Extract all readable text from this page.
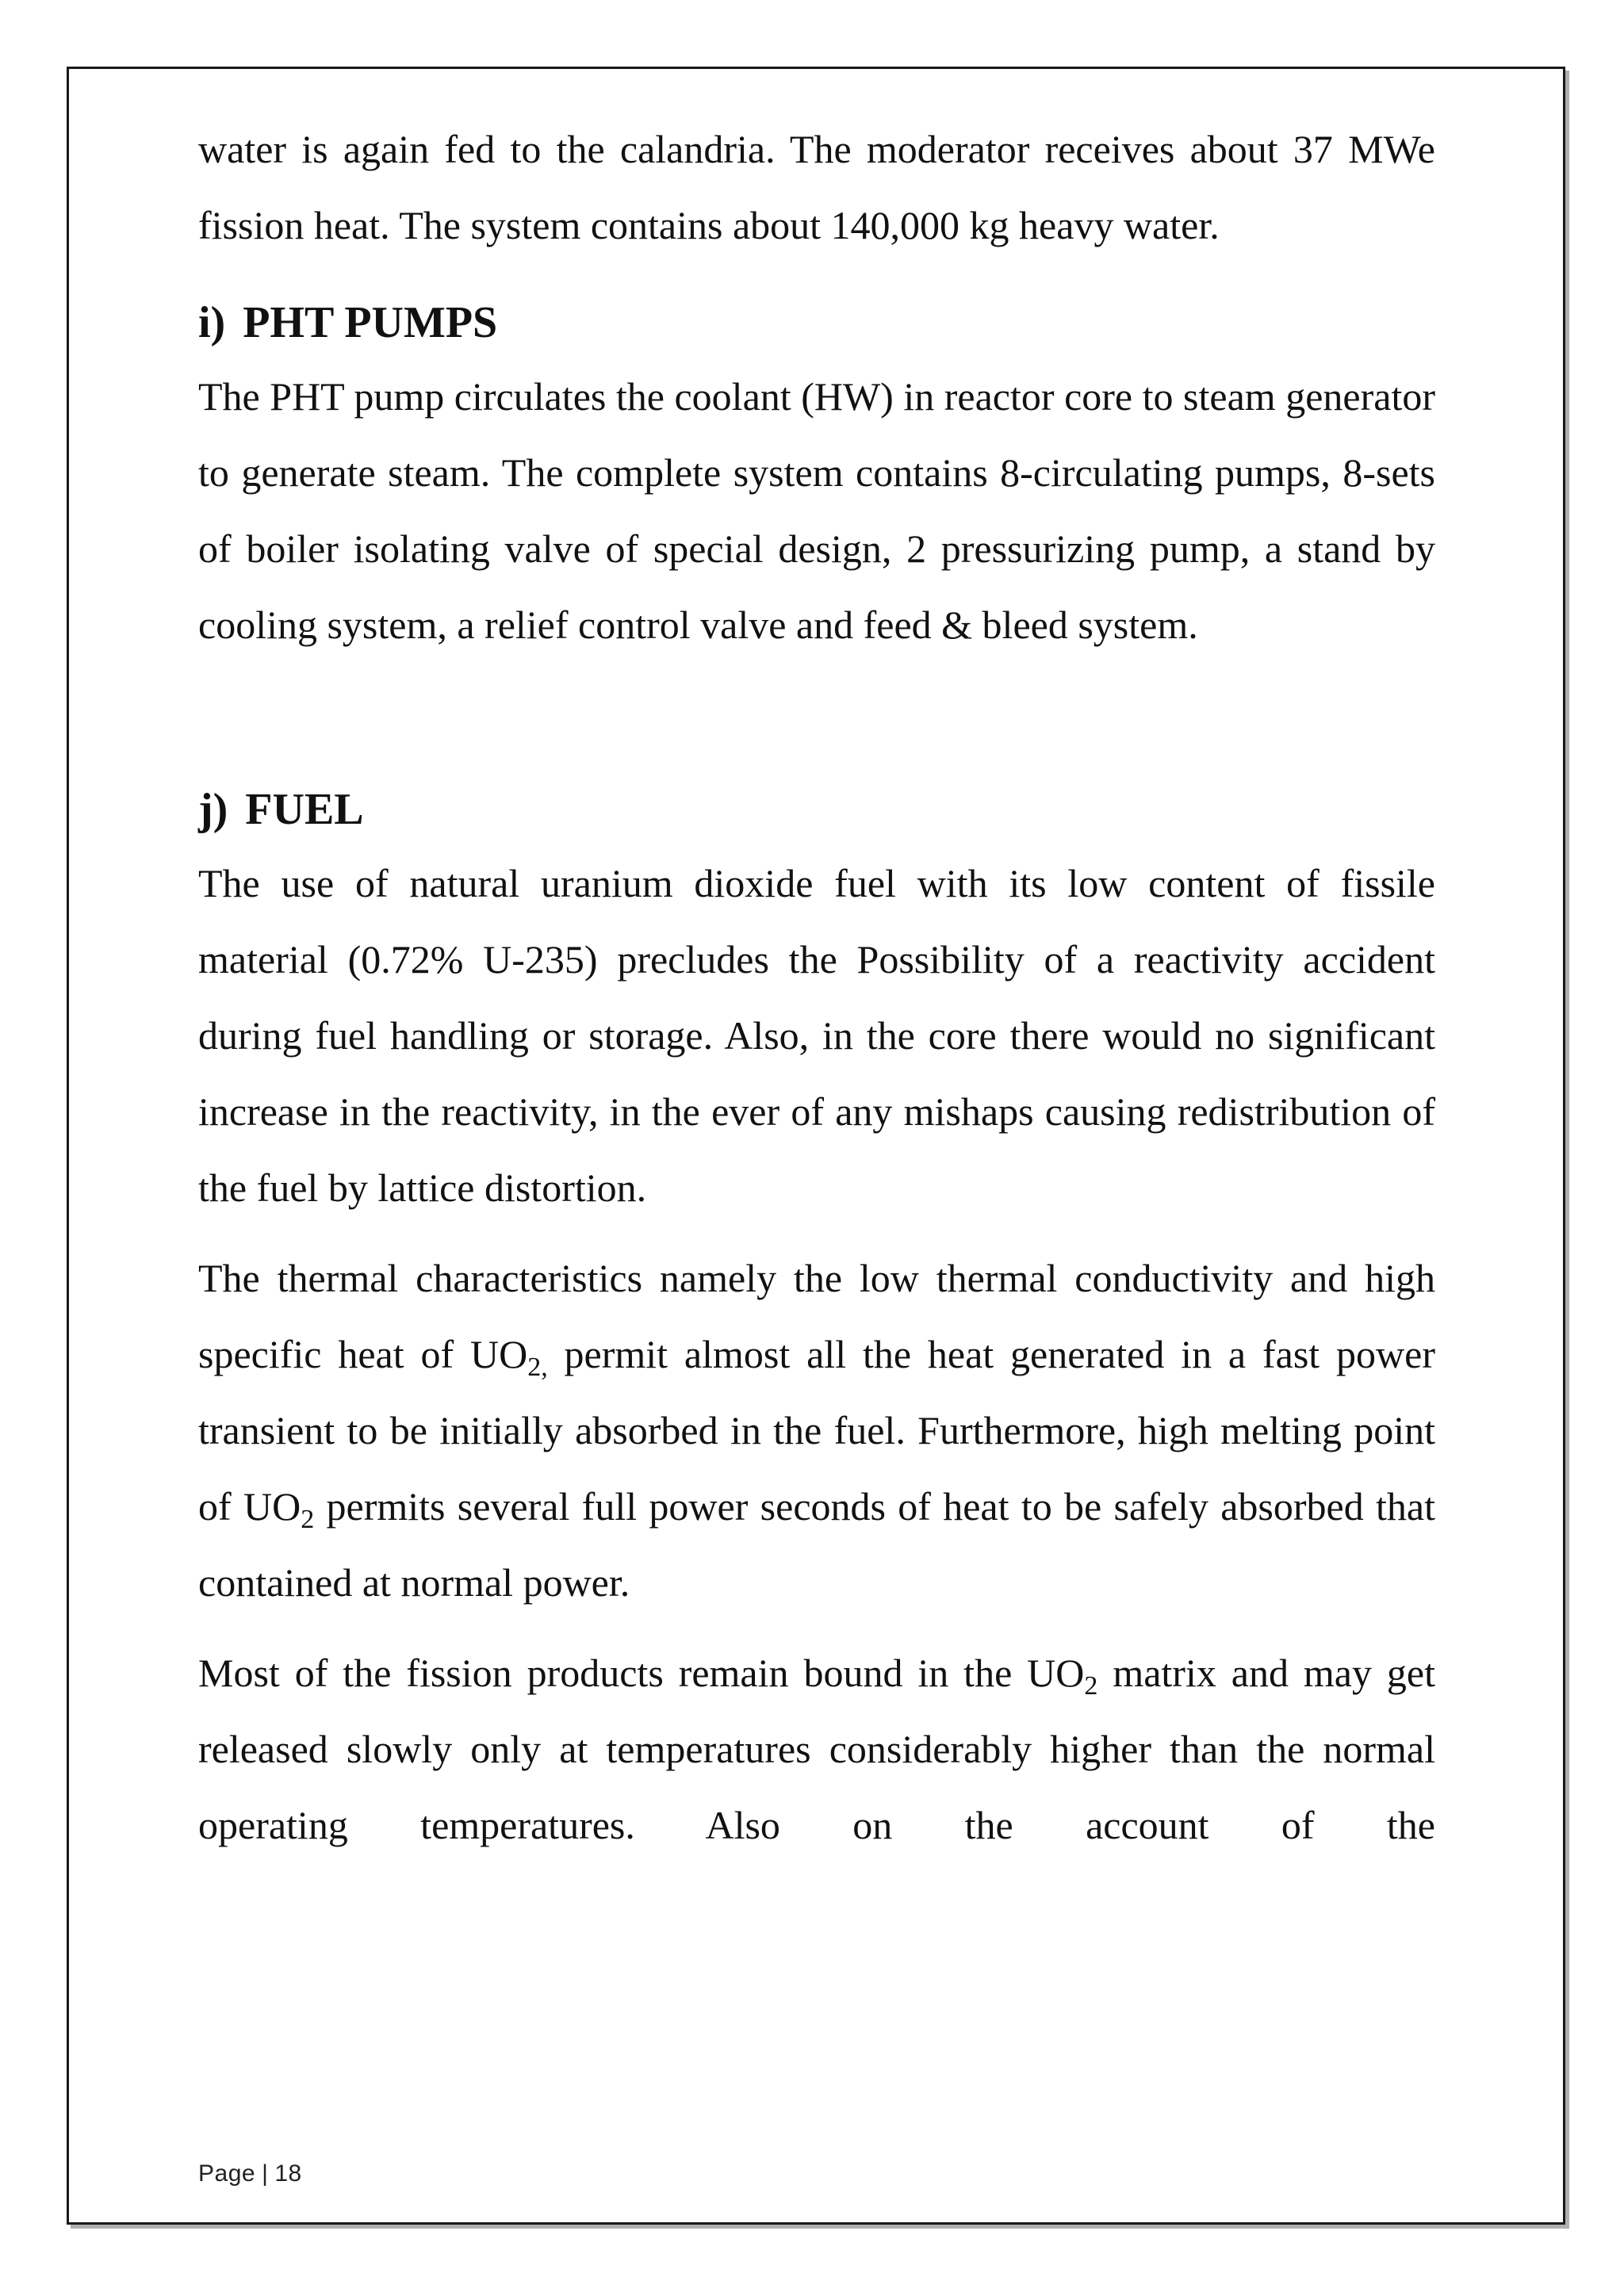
water is again fed to the calandria. The moderator receives about 37 MWe fission heat. The system contains about 140,000 kg heavy water.

i) PHT PUMPS

The PHT pump circulates the coolant (HW) in reactor core to steam generator to generate steam. The complete system contains 8-circulating pumps, 8-sets of boiler isolating valve of special design, 2 pressurizing pump, a stand by cooling system, a relief control valve and feed & bleed system.

j) FUEL

The use of natural uranium dioxide fuel with its low content of fissile material (0.72% U-235) precludes the Possibility of a reactivity accident during fuel handling or storage. Also, in the core there would no significant increase in the reactivity, in the ever of any mishaps causing redistribution of the fuel by lattice distortion.

The thermal characteristics namely the low thermal conductivity and high specific heat of $UO_{2,}$ permit almost all the heat generated in a fast power transient to be initially absorbed in the fuel. Furthermore, high melting point of $UO_2$ permits several full power seconds of heat to be safely absorbed that contained at normal power.

Most of the fission products remain bound in the $UO_2$ matrix and may get released slowly only at temperatures considerably higher than the normal operating temperatures. Also on the account of the

Page | 18
